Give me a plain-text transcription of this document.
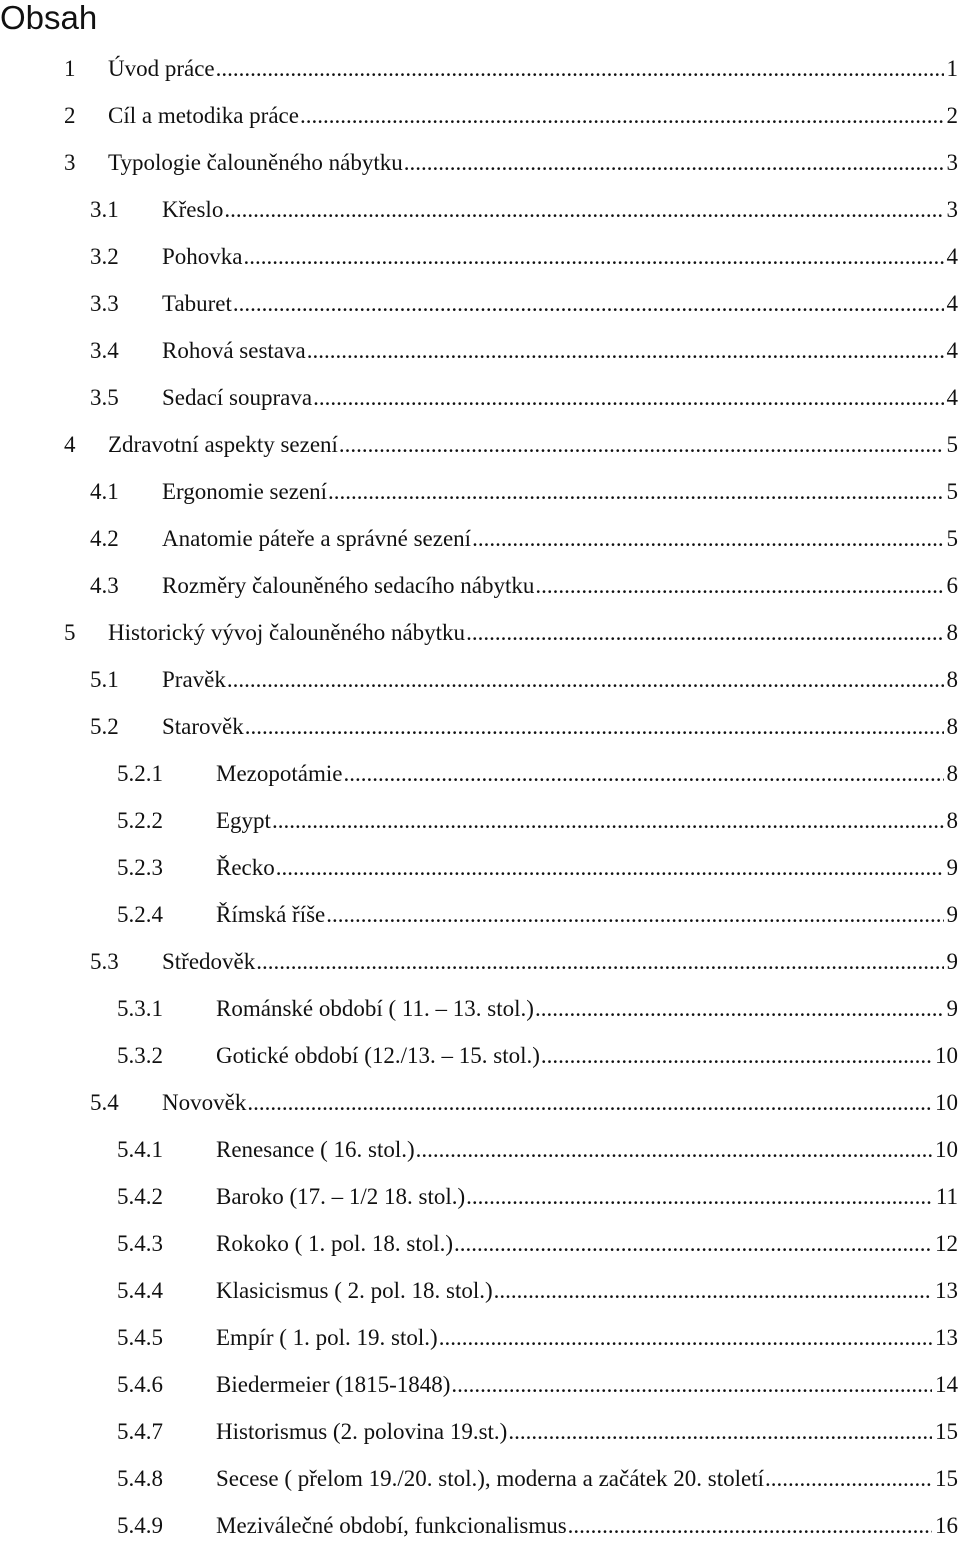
Obsah
1 Úvod práce .....	1
2 Cíl a metodika práce .....	2
3 Typologie čalouněného nábytku .....	3
3.1 Křeslo .....	3
3.2 Pohovka .....	4
3.3 Taburet .....	4
3.4 Rohová sestava .....	4
3.5 Sedací souprava .....	4
4 Zdravotní aspekty sezení .....	5
4.1 Ergonomie sezení .....	5
4.2 Anatomie páteře a správné sezení .....	5
4.3 Rozměry čalouněného sedacího nábytku .....	6
5 Historický vývoj čalouněného nábytku .....	8
5.1 Pravěk .....	8
5.2 Starověk .....	8
5.2.1 Mezopotámie .....	8
5.2.2 Egypt .....	8
5.2.3 Řecko .....	9
5.2.4 Římská říše .....	9
5.3 Středověk .....	9
5.3.1 Románské období ( 11. – 13. stol.) .....	9
5.3.2 Gotické období (12./13. – 15. stol.) .....	10
5.4 Novověk .....	10
5.4.1 Renesance ( 16. stol.) .....	10
5.4.2 Baroko (17. – 1/2 18. stol.) .....	11
5.4.3 Rokoko ( 1. pol. 18. stol.) .....	12
5.4.4 Klasicismus ( 2. pol. 18. stol.) .....	13
5.4.5 Empír ( 1. pol. 19. stol.) .....	13
5.4.6 Biedermeier (1815-1848) .....	14
5.4.7 Historismus (2. polovina 19.st.) .....	15
5.4.8 Secese ( přelom 19./20. stol.), moderna a začátek 20. století .....	15
5.4.9 Meziválečné období, funkcionalismus .....	16
